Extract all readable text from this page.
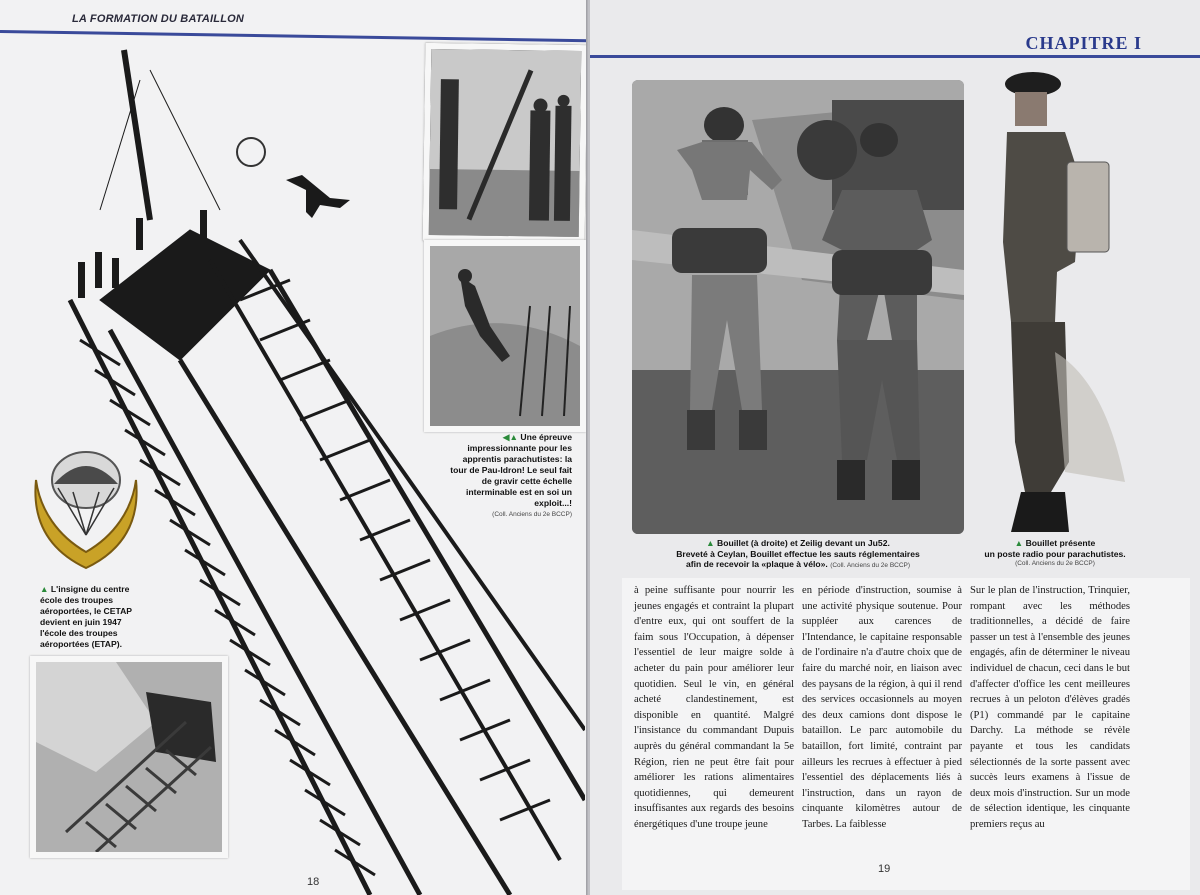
LA FORMATION DU BATAILLON
◀▲ Une épreuve impressionnante pour les apprentis parachutistes: la tour de Pau-Idron! Le seul fait de gravir cette échelle interminable est en soi un exploit...!
(Coll. Anciens du 2e BCCP)
▲ L'insigne du centre école des troupes aéroportées, le CETAP devient en juin 1947 l'école des troupes aéroportées (ETAP).
18
CHAPITRE I
▲ Bouillet (à droite) et Zeilig devant un Ju52.
Breveté à Ceylan, Bouillet effectue les sauts réglementaires
afin de recevoir la «plaque à vélo». (Coll. Anciens du 2e BCCP)
▲ Bouillet présente
un poste radio pour parachutistes.
(Coll. Anciens du 2e BCCP)

à peine suffisante pour nourrir les jeunes engagés et contraint la plupart d'entre eux, qui ont souffert de la faim sous l'Occupation, à dépenser l'essentiel de leur maigre solde à acheter du pain pour améliorer leur quotidien. Seul le vin, en général acheté clandestinement, est disponible en quantité. Malgré l'insistance du commandant Dupuis auprès du général commandant la 5e Région, rien ne peut être fait pour améliorer les rations alimentaires quotidiennes, qui demeurent insuffisantes aux regards des besoins énergétiques d'une troupe jeune

en période d'instruction, soumise à une activité physique soutenue. Pour suppléer aux carences de l'Intendance, le capitaine responsable de l'ordinaire n'a d'autre choix que de faire du marché noir, en liaison avec des paysans de la région, à qui il rend des services occasionnels au moyen des deux camions dont dispose le bataillon. Le parc automobile du bataillon, fort limité, contraint par ailleurs les recrues à effectuer à pied l'essentiel des déplacements liés à l'instruction, dans un rayon de cinquante kilomètres autour de Tarbes. La faiblesse

Sur le plan de l'instruction, Trinquier, rompant avec les méthodes traditionnelles, a décidé de faire passer un test à l'ensemble des jeunes engagés, afin de déterminer le niveau individuel de chacun, ceci dans le but d'affecter d'office les cent meilleures recrues à un peloton d'élèves gradés (P1) commandé par le capitaine Darchy. La méthode se révèle payante et tous les candidats sélectionnés de la sorte passent avec succès leurs examens à l'issue de deux mois d'instruction. Sur un mode de sélection identique, les cinquante premiers reçus au

19
